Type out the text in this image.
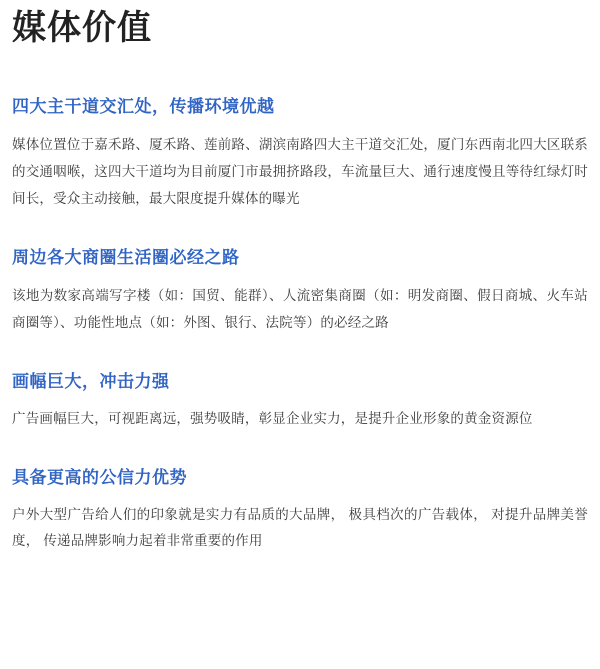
媒体价值
四大主干道交汇处，传播环境优越

媒体位置位于嘉禾路、厦禾路、莲前路、湖滨南路四大主干道交汇处，厦门东西南北四大区联系的交通咽喉，这四大干道均为目前厦门市最拥挤路段，车流量巨大、通行速度慢且等待红绿灯时间长，受众主动接触，最大限度提升媒体的曝光

周边各大商圈生活圈必经之路

该地为数家高端写字楼（如：国贸、能群）、人流密集商圈（如：明发商圈、假日商城、火车站商圈等）、功能性地点（如：外图、银行、法院等）的必经之路

画幅巨大，冲击力强

广告画幅巨大，可视距离远，强势吸睛，彰显企业实力，是提升企业形象的黄金资源位

具备更高的公信力优势

户外大型广告给人们的印象就是实力有品质的大品牌， 极具档次的广告载体， 对提升品牌美誉度， 传递品牌影响力起着非常重要的作用
